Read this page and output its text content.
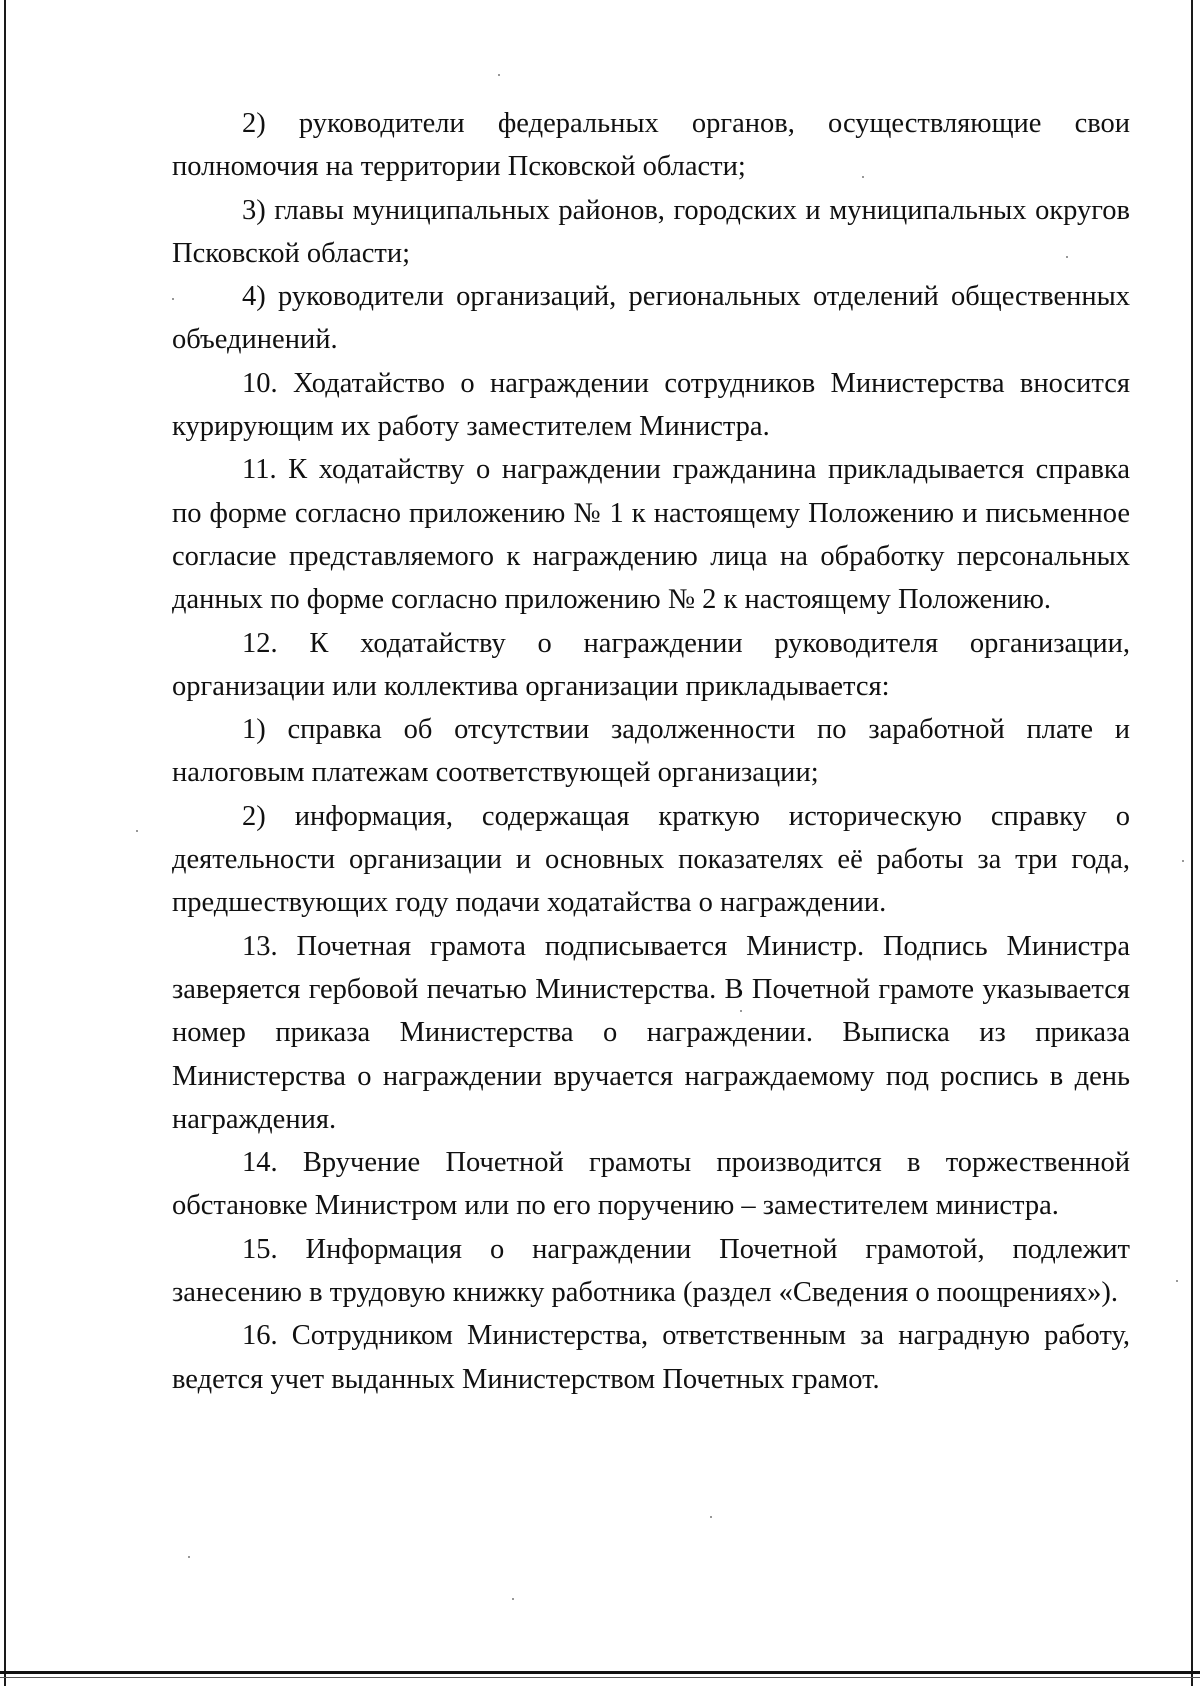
2) руководители федеральных органов, осуществляющие свои полномочия на территории Псковской области;

3) главы муниципальных районов, городских и муниципальных округов Псковской области;

4) руководители организаций, региональных отделений общественных объединений.

10. Ходатайство о награждении сотрудников Министерства вносится курирующим их работу заместителем Министра.

11. К ходатайству о награждении гражданина прикладывается справка по форме согласно приложению № 1 к настоящему Положению и письменное согласие представляемого к награждению лица на обработку персональных данных по форме согласно приложению № 2 к настоящему Положению.

12. К ходатайству о награждении руководителя организации, организации или коллектива организации прикладывается:

1) справка об отсутствии задолженности по заработной плате и налоговым платежам соответствующей организации;

2) информация, содержащая краткую историческую справку о деятельности организации и основных показателях её работы за три года, предшествующих году подачи ходатайства о награждении.

13. Почетная грамота подписывается Министр. Подпись Министра заверяется гербовой печатью Министерства. В Почетной грамоте указывается номер приказа Министерства о награждении. Выписка из приказа Министерства о награждении вручается награждаемому под роспись в день награждения.

14. Вручение Почетной грамоты производится в торжественной обстановке Министром или по его поручению – заместителем министра.

15. Информация о награждении Почетной грамотой, подлежит занесению в трудовую книжку работника (раздел «Сведения о поощрениях»).

16. Сотрудником Министерства, ответственным за наградную работу, ведется учет выданных Министерством Почетных грамот.
